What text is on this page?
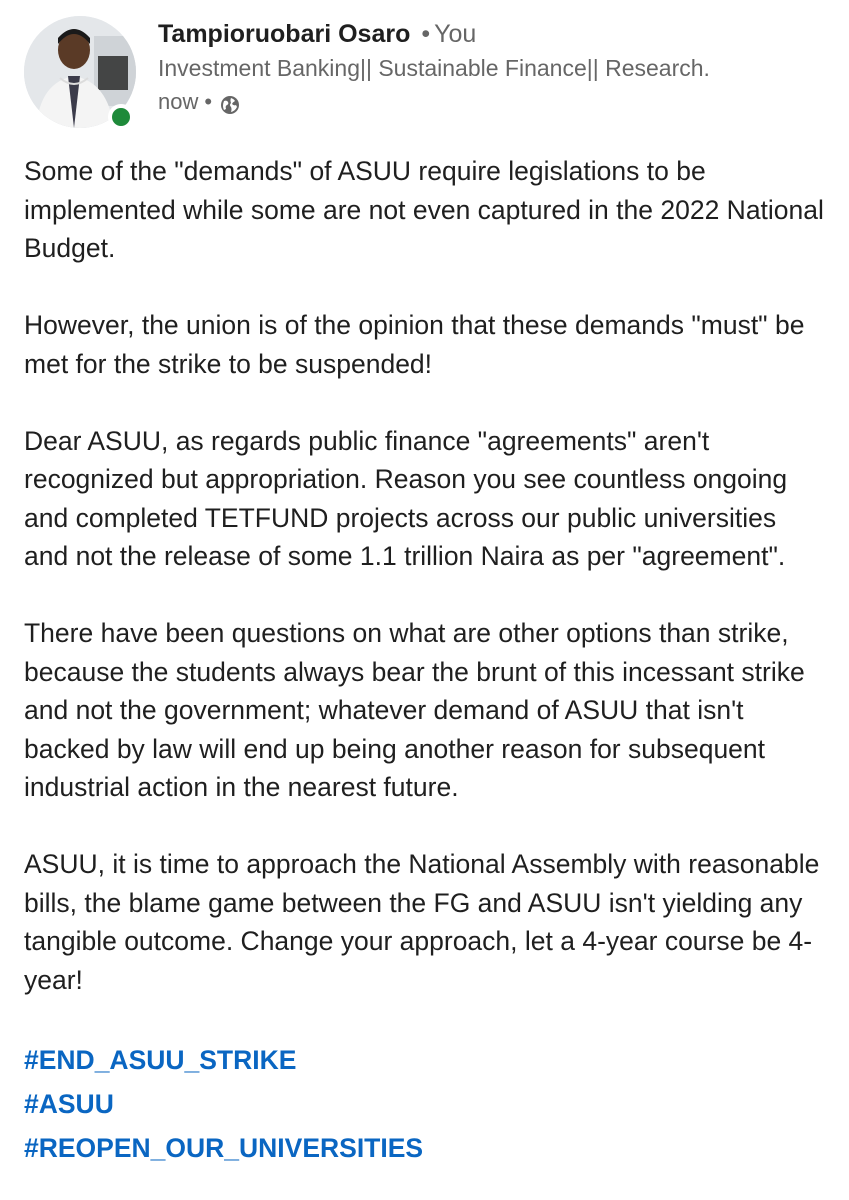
Tampioruobari Osaro • You
Investment Banking|| Sustainable Finance|| Research.
now •

Some of the "demands" of ASUU require legislations to be implemented while some are not even captured in the 2022 National Budget.

However, the union is of the opinion that these demands "must" be met for the strike to be suspended!

Dear ASUU, as regards public finance "agreements" aren't recognized but appropriation. Reason you see countless ongoing and completed TETFUND projects across our public universities and not the release of some 1.1 trillion Naira as per "agreement".

There have been questions on what are other options than strike, because the students always bear the brunt of this incessant strike and not the government; whatever demand of ASUU that isn't backed by law will end up being another reason for subsequent industrial action in the nearest future.

ASUU, it is time to approach the National Assembly with reasonable bills, the blame game between the FG and ASUU isn't yielding any tangible outcome. Change your approach, let a 4-year course be 4-year!

#END_ASUU_STRIKE
#ASUU
#REOPEN_OUR_UNIVERSITIES
